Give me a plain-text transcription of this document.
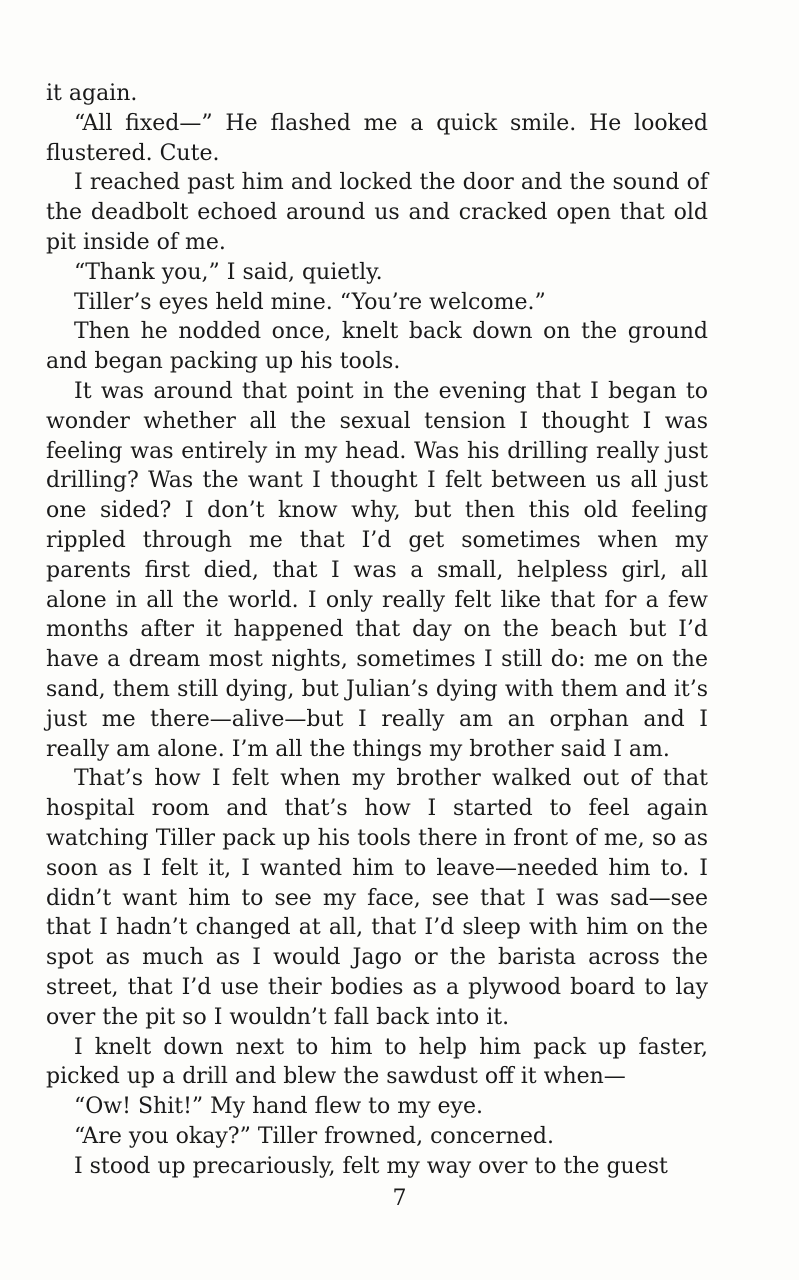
it again.

“All fixed—” He flashed me a quick smile. He looked flustered. Cute.

I reached past him and locked the door and the sound of the deadbolt echoed around us and cracked open that old pit inside of me.

“Thank you,” I said, quietly.

Tiller’s eyes held mine. “You’re welcome.”

Then he nodded once, knelt back down on the ground and began packing up his tools.

It was around that point in the evening that I began to wonder whether all the sexual tension I thought I was feeling was entirely in my head. Was his drilling really just drilling? Was the want I thought I felt between us all just one sided? I don’t know why, but then this old feeling rippled through me that I’d get sometimes when my parents first died, that I was a small, helpless girl, all alone in all the world. I only really felt like that for a few months after it happened that day on the beach but I’d have a dream most nights, sometimes I still do: me on the sand, them still dying, but Julian’s dying with them and it’s just me there—alive—but I really am an orphan and I really am alone. I’m all the things my brother said I am.

That’s how I felt when my brother walked out of that hospital room and that’s how I started to feel again watching Tiller pack up his tools there in front of me, so as soon as I felt it, I wanted him to leave—needed him to. I didn’t want him to see my face, see that I was sad—see that I hadn’t changed at all, that I’d sleep with him on the spot as much as I would Jago or the barista across the street, that I’d use their bodies as a plywood board to lay over the pit so I wouldn’t fall back into it.

I knelt down next to him to help him pack up faster, picked up a drill and blew the sawdust off it when—

“Ow! Shit!” My hand flew to my eye.

“Are you okay?” Tiller frowned, concerned.

I stood up precariously, felt my way over to the guest

7
